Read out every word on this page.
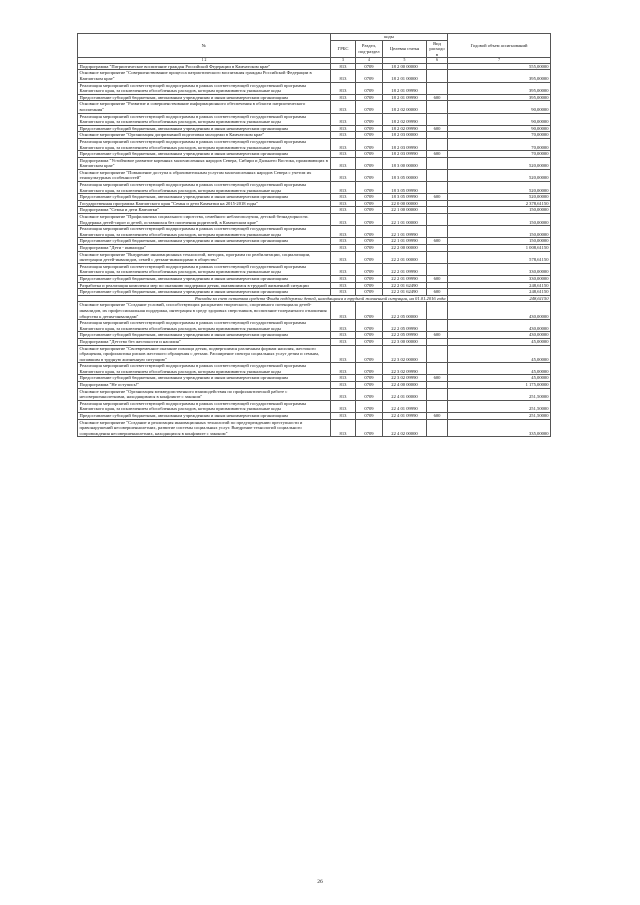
№	коды				Годовой объем ассигнований
	ГРБС	Раздел, под-раздел	Целевая статья	Вид расходов	
1 2	3	4	5	6	7
Подпрограмма "Патриотическое воспитание граждан Российской Федерации в Камчатском крае"	813	0709	18 2 00 00000		555,00000
Основное мероприятие "Совершенствование процесса патриотического воспитания граждан Российской Федерации в Камчатском крае"	813	0709	18 2 01 00000		395,00000
Реализация мероприятий соответствующей подпрограммы в рамках соответствующей государственной программы Камчатского края, за исключением обособленных расходов, которым присваиваются уникальные коды	813	0709	18 2 01 09990		395,00000
Предоставление субсидий бюджетным, автономным учреждениям и иным некоммерческим организациям	813	0709	18 2 01 09990	600	395,00000
Основное мероприятие "Развитие и совершенствование информационного обеспечения в области патриотического воспитания"	813	0709	18 2 02 00000		90,00000
Реализация мероприятий соответствующей подпрограммы в рамках соответствующей государственной программы Камчатского края, за исключением обособленных расходов, которым присваиваются уникальные коды	813	0709	18 2 02 09990		90,00000
Предоставление субсидий бюджетным, автономным учреждениям и иным некоммерческим организациям	813	0709	18 2 02 09990	600	90,00000
Основное мероприятие "Организация допризывной подготовки молодежи в Камчатском крае"	813	0709	18 2 03 00000		70,00000
Реализация мероприятий соответствующей подпрограммы в рамках соответствующей государственной программы Камчатского края, за исключением обособленных расходов, которым присваиваются уникальные коды	813	0709	18 2 03 09990		70,00000
Предоставление субсидий бюджетным, автономным учреждениям и иным некоммерческим организациям	813	0709	18 2 03 09990	600	70,00000
Подпрограмма "Устойчивое развитие коренных малочисленных народов Севера, Сибири и Дальнего Востока, проживающих в Камчатском крае"	813	0709	18 3 00 00000		520,00000
Основное мероприятие "Повышение доступа к образовательным услугам малочисленных народов Севера с учетом их этнокультурных особенностей"	813	0709	18 3 05 00000		520,00000
Реализация мероприятий соответствующей подпрограммы в рамках соответствующей государственной программы Камчатского края, за исключением обособленных расходов, которым присваиваются уникальные коды	813	0709	18 3 05 09990		520,00000
Предоставление субсидий бюджетным, автономным учреждениям и иным некоммерческим организациям	813	0709	18 3 05 09990	600	520,00000
Государственная программа Камчатского края "Семья и дети Камчатки на 2015-2018 годы"	813	0709	22 0 00 00000		2 378,61150
Подпрограмма "Семья и дети Камчатки"	813	0709	22 1 00 00000		150,00000
Основное мероприятие "Профилактика социального сиротства, семейного неблагополучия, детской безнадзорности. Поддержка детей-сирот и детей, оставшихся без попечения родителей, в Камчатском крае"	813	0709	22 1 01 00000		150,00000
Реализация мероприятий соответствующей подпрограммы в рамках соответствующей государственной программы Камчатского края, за исключением обособленных расходов, которым присваиваются уникальные коды	813	0709	22 1 01 09990		150,00000
Предоставление субсидий бюджетным, автономным учреждениям и иным некоммерческим организациям	813	0709	22 1 01 09990	600	150,00000
Подпрограмма "Дети - инвалиды"	813	0709	22 2 00 00000		1 008,61150
Основное мероприятие "Внедрение инновационных технологий, методик, программ по реабилитации, социализации, интеграции детей-инвалидов, семей с детьми-инвалидами в общество"	813	0709	22 2 01 00000		578,61150
Реализация мероприятий соответствующей подпрограммы в рамках соответствующей государственной программы Камчатского края, за исключением обособленных расходов, которым присваиваются уникальные коды	813	0709	22 2 01 09990		330,00000
Предоставление субсидий бюджетным, автономным учреждениям и иным некоммерческим организациям	813	0709	22 2 01 09990	600	330,00000
Разработка и реализация комплекса мер по оказанию поддержки детям, оказавшимся в трудной жизненной ситуации	813	0709	22 2 01 62490		248,61150
Предоставление субсидий бюджетным, автономным учреждениям и иным некоммерческим организациям	813	0709	22 2 01 62490	600	248,61150
Расходы за счет остатков средств Фонда поддержки детей, находящихся в трудной жизненной ситуации, на 01.01.2016 года					248,61150
Основное мероприятие "Создание условий, способствующих раскрытию творческого, спортивного потенциала детей-инвалидов, их профессиональная поддержка, интеграция в среду здоровых сверстников, воспитание толерантного отношения общества к детям-инвалидам"	813	0709	22 2 05 00000		430,00000
Реализация мероприятий соответствующей подпрограммы в рамках соответствующей государственной программы Камчатского края, за исключением обособленных расходов, которым присваиваются уникальные коды	813	0709	22 2 05 09990		430,00000
Предоставление субсидий бюджетным, автономным учреждениям и иным некоммерческим организациям	813	0709	22 2 05 09990	600	430,00000
Подпрограмма "Детство без жестокости и насилия"	813	0709	22 3 00 00000		45,00000
Основное мероприятие "Своевременное оказание помощи детям, подвергшимся различным формам насилия, жестокого обращения, профилактика рисков жестокого обращения с детьми. Расширение спектра социальных услуг детям и семьям, попавшим в трудную жизненную ситуацию"	813	0709	22 3 02 00000		45,00000
Реализация мероприятий соответствующей подпрограммы в рамках соответствующей государственной программы Камчатского края, за исключением обособленных расходов, которым присваиваются уникальные коды	813	0709	22 3 02 09990		45,00000
Предоставление субсидий бюджетным, автономным учреждениям и иным некоммерческим организациям	813	0709	22 3 02 09990	600	45,00000
Подпрограмма "Не оступись!"	813	0709	22 4 00 00000		1 175,00000
Основное мероприятие "Организация межведомственного взаимодействия по профилактической работе с несовершеннолетними, находящимися в конфликте с законом"	813	0709	22 4 01 00000		251,50000
Реализация мероприятий соответствующей подпрограммы в рамках соответствующей государственной программы Камчатского края, за исключением обособленных расходов, которым присваиваются уникальные коды	813	0709	22 4 01 09990		251,50000
Предоставление субсидий бюджетным, автономным учреждениям и иным некоммерческим организациям	813	0709	22 4 01 09990	600	251,50000
Основное мероприятие "Создание и реализация инновационных технологий по предупреждению преступности и правонарушений несовершеннолетних, развитие системы социальных услуг. Внедрение технологий социального сопровождения несовершеннолетних, находящихся в конфликте с законом"	813	0709	22 4 02 00000		335,00000
26
